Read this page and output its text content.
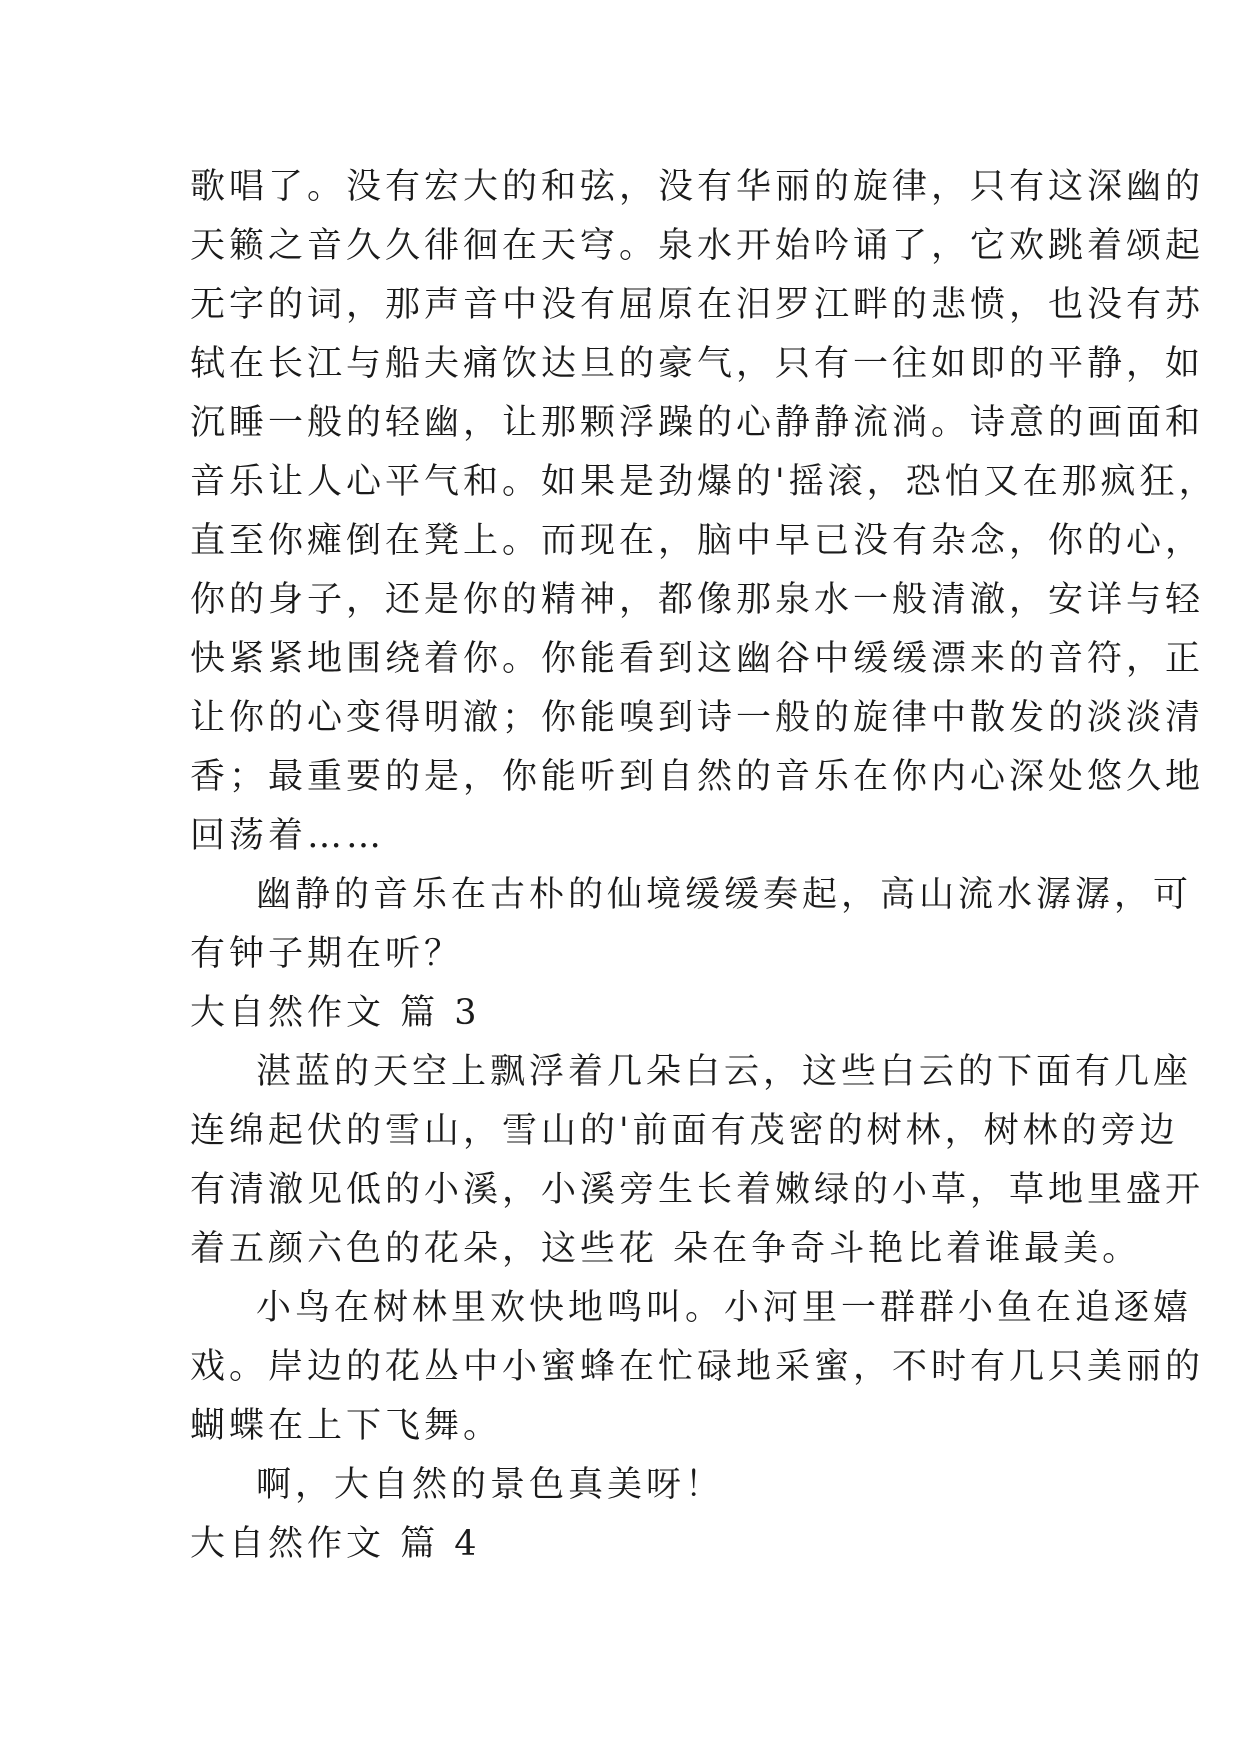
歌唱了。没有宏大的和弦，没有华丽的旋律，只有这深幽的
天籁之音久久徘徊在天穹。泉水开始吟诵了，它欢跳着颂起
无字的词，那声音中没有屈原在汨罗江畔的悲愤，也没有苏
轼在长江与船夫痛饮达旦的豪气，只有一往如即的平静，如
沉睡一般的轻幽，让那颗浮躁的心静静流淌。诗意的画面和
音乐让人心平气和。如果是劲爆的'摇滚，恐怕又在那疯狂，
直至你瘫倒在凳上。而现在，脑中早已没有杂念，你的心，
你的身子，还是你的精神，都像那泉水一般清澈，安详与轻
快紧紧地围绕着你。你能看到这幽谷中缓缓漂来的音符，正
让你的心变得明澈；你能嗅到诗一般的旋律中散发的淡淡清
香；最重要的是，你能听到自然的音乐在你内心深处悠久地
回荡着……
幽静的音乐在古朴的仙境缓缓奏起，高山流水潺潺，可
有钟子期在听？
大自然作文 篇 3
湛蓝的天空上飘浮着几朵白云，这些白云的下面有几座
连绵起伏的雪山，雪山的'前面有茂密的树林，树林的旁边
有清澈见低的小溪，小溪旁生长着嫩绿的小草，草地里盛开
着五颜六色的花朵，这些花 朵在争奇斗艳比着谁最美。
小鸟在树林里欢快地鸣叫。小河里一群群小鱼在追逐嬉
戏。岸边的花丛中小蜜蜂在忙碌地采蜜，不时有几只美丽的
蝴蝶在上下飞舞。
啊，大自然的景色真美呀！
大自然作文 篇 4
